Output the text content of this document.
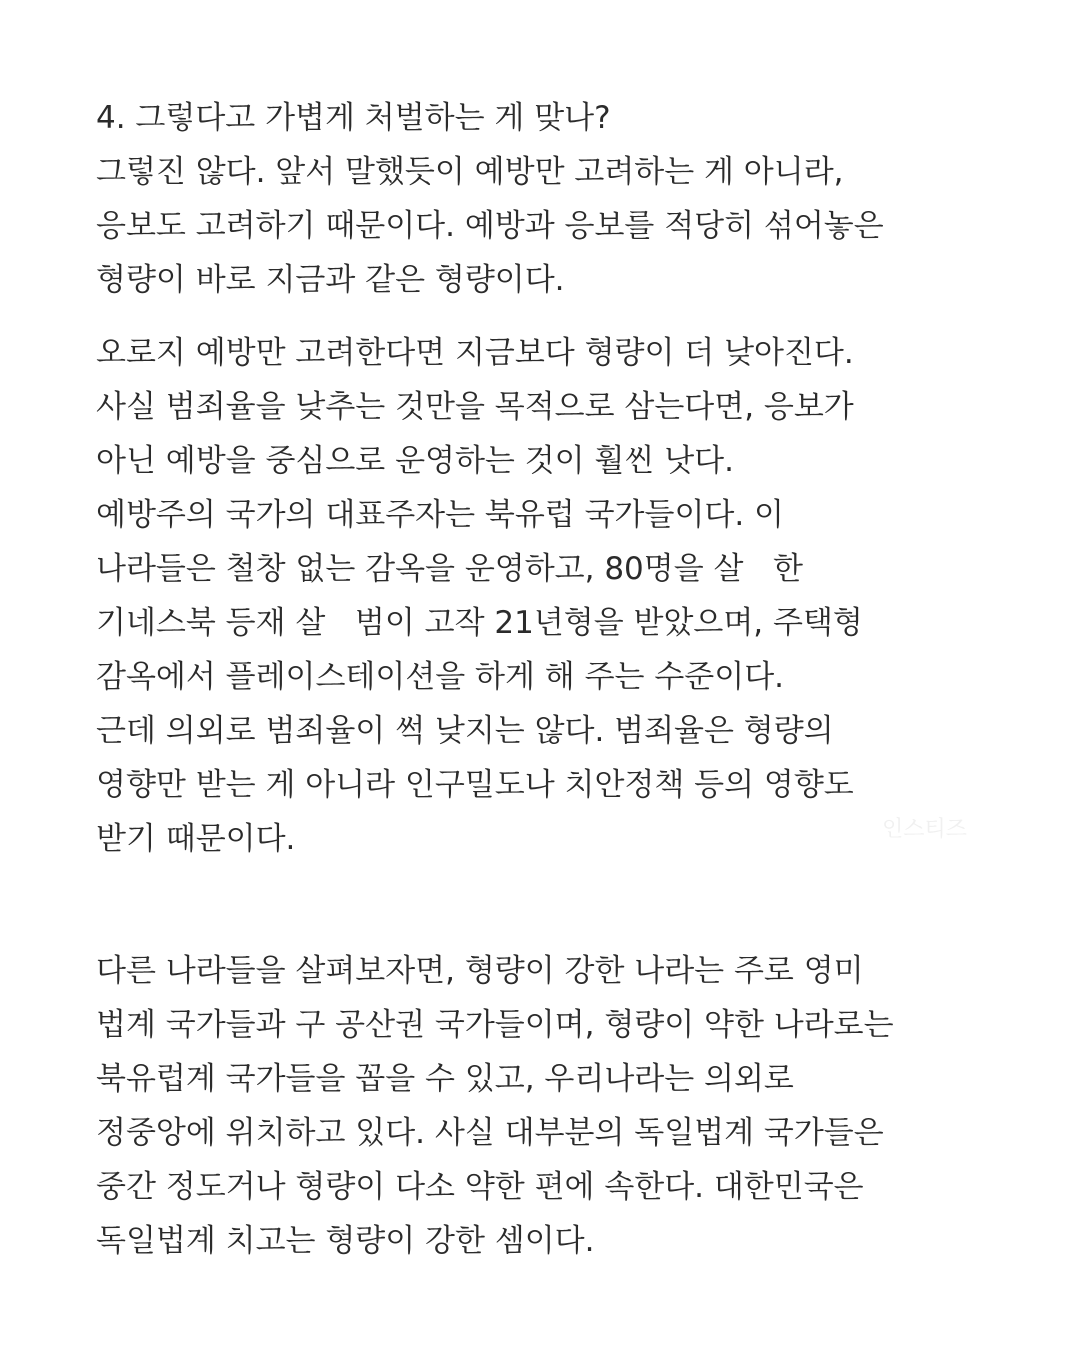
4. 그렇다고 가볍게 처벌하는 게 맞나?
그렇진 않다. 앞서 말했듯이 예방만 고려하는 게 아니라,
응보도 고려하기 때문이다. 예방과 응보를 적당히 섞어놓은
형량이 바로 지금과 같은 형량이다.
오로지 예방만 고려한다면 지금보다 형량이 더 낮아진다.
사실 범죄율을 낮추는 것만을 목적으로 삼는다면, 응보가
아닌 예방을 중심으로 운영하는 것이 훨씬 낫다.
예방주의 국가의 대표주자는 북유럽 국가들이다. 이
나라들은 철창 없는 감옥을 운영하고, 80명을 살   한
기네스북 등재 살   범이 고작 21년형을 받았으며, 주택형
감옥에서 플레이스테이션을 하게 해 주는 수준이다.
근데 의외로 범죄율이 썩 낮지는 않다. 범죄율은 형량의
영향만 받는 게 아니라 인구밀도나 치안정책 등의 영향도
받기 때문이다.
다른 나라들을 살펴보자면, 형량이 강한 나라는 주로 영미
법계 국가들과 구 공산권 국가들이며, 형량이 약한 나라로는
북유럽계 국가들을 꼽을 수 있고, 우리나라는 의외로
정중앙에 위치하고 있다. 사실 대부분의 독일법계 국가들은
중간 정도거나 형량이 다소 약한 편에 속한다. 대한민국은
독일법계 치고는 형량이 강한 셈이다.
인스티즈
